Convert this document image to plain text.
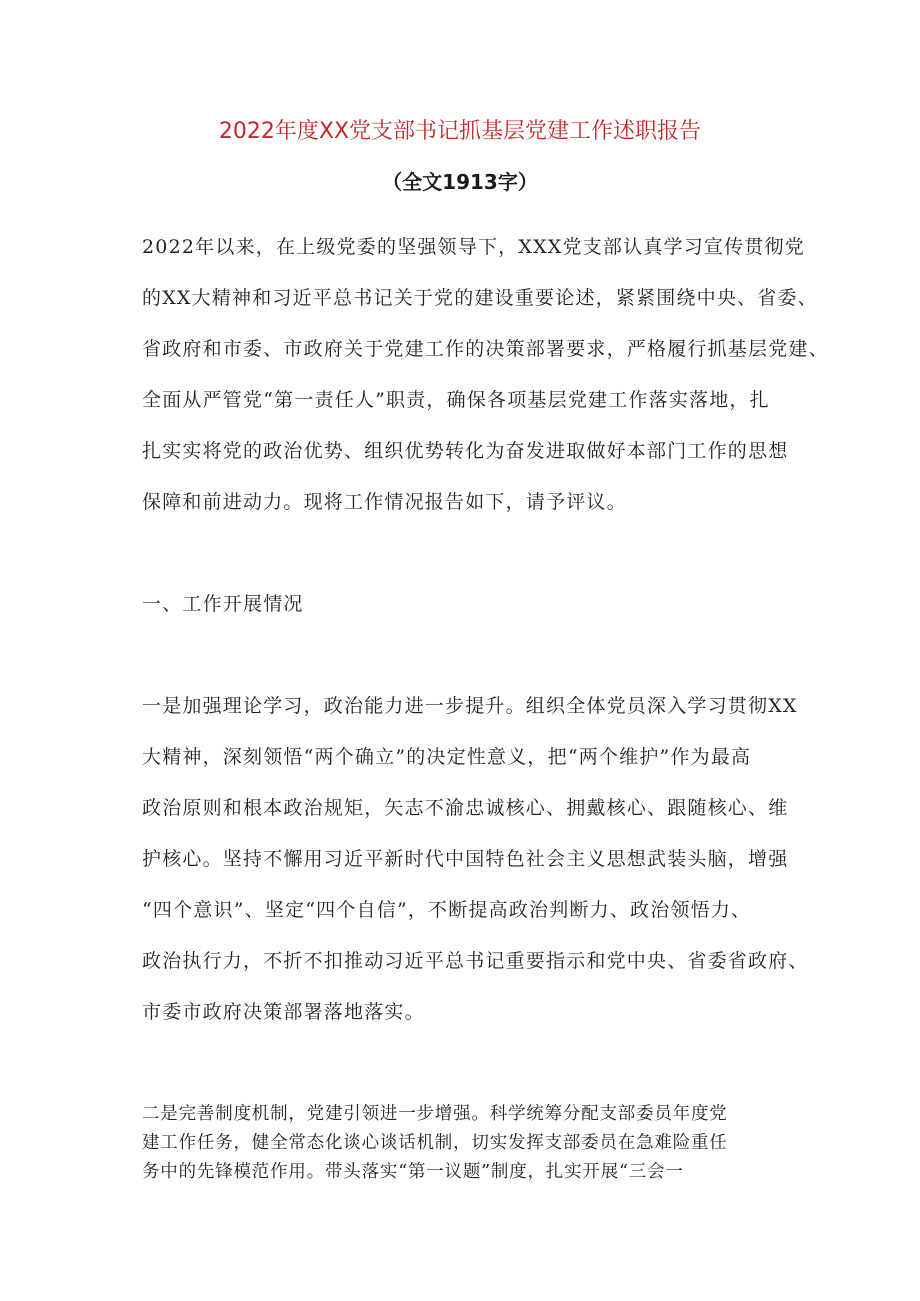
2022年度XX党支部书记抓基层党建工作述职报告
（全文1913字）
2022年以来，在上级党委的坚强领导下，XXX党支部认真学习宣传贯彻党
的XX大精神和习近平总书记关于党的建设重要论述，紧紧围绕中央、省委、
省政府和市委、市政府关于党建工作的决策部署要求，严格履行抓基层党建、
全面从严管党“第一责任人”职责，确保各项基层党建工作落实落地，扎
扎实实将党的政治优势、组织优势转化为奋发进取做好本部门工作的思想
保障和前进动力。现将工作情况报告如下，请予评议。
一、工作开展情况
一是加强理论学习，政治能力进一步提升。组织全体党员深入学习贯彻XX
大精神，深刻领悟“两个确立”的决定性意义，把“两个维护”作为最高
政治原则和根本政治规矩，矢志不渝忠诚核心、拥戴核心、跟随核心、维
护核心。坚持不懈用习近平新时代中国特色社会主义思想武装头脑，增强
“四个意识”、坚定“四个自信”，不断提高政治判断力、政治领悟力、
政治执行力，不折不扣推动习近平总书记重要指示和党中央、省委省政府、
市委市政府决策部署落地落实。
二是完善制度机制，党建引领进一步增强。科学统筹分配支部委员年度党
建工作任务，健全常态化谈心谈话机制，切实发挥支部委员在急难险重任
务中的先锋模范作用。带头落实“第一议题”制度，扎实开展“三会一
